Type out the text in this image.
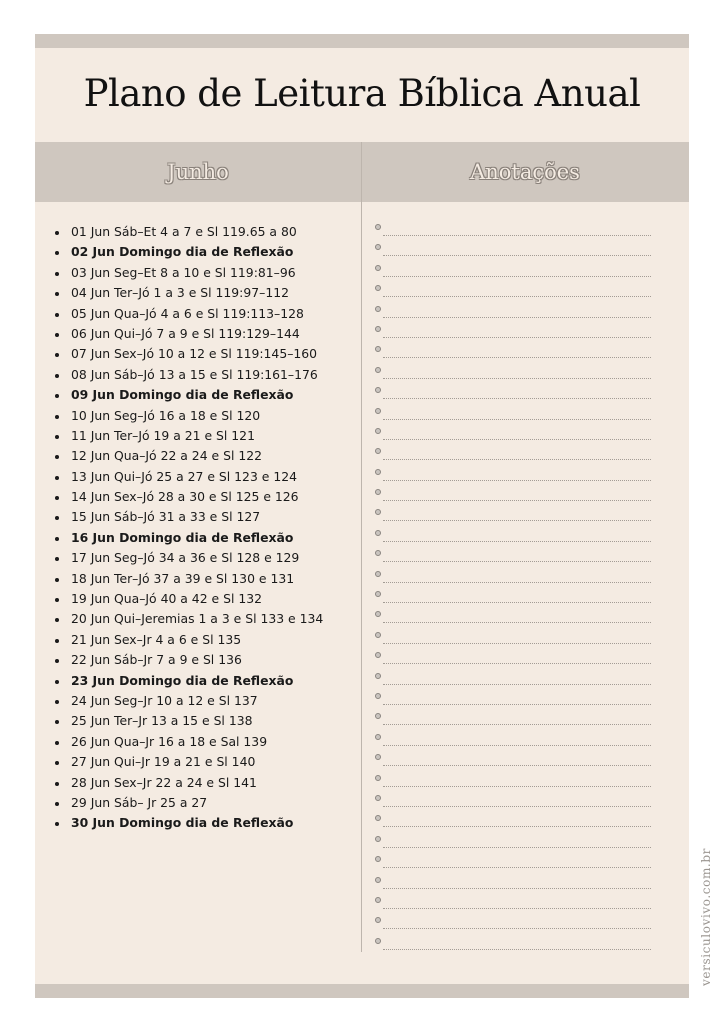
Plano de Leitura Bíblica Anual
Junho	Anotações
01 Jun Sáb–Et 4 a 7 e Sl 119.65 a 80
02 Jun Domingo dia de Reflexão
03 Jun Seg–Et 8 a 10 e Sl 119:81–96
04 Jun Ter–Jó 1 a 3 e Sl 119:97–112
05 Jun Qua–Jó 4 a 6 e Sl 119:113–128
06 Jun Qui–Jó 7 a 9 e Sl 119:129–144
07 Jun Sex–Jó 10 a 12 e Sl 119:145–160
08 Jun Sáb–Jó 13 a 15 e Sl 119:161–176
09 Jun Domingo dia de Reflexão
10 Jun Seg–Jó 16 a 18 e Sl 120
11 Jun Ter–Jó 19 a 21 e Sl 121
12 Jun Qua–Jó 22 a 24 e Sl 122
13 Jun Qui–Jó 25 a 27 e Sl 123 e 124
14 Jun Sex–Jó 28 a 30 e Sl 125 e 126
15 Jun Sáb–Jó 31 a 33 e Sl 127
16 Jun Domingo dia de Reflexão
17 Jun Seg–Jó 34 a 36 e Sl 128 e 129
18 Jun Ter–Jó 37 a 39 e Sl 130 e 131
19 Jun Qua–Jó 40 a 42 e Sl 132
20 Jun Qui–Jeremias 1 a 3 e Sl 133 e 134
21 Jun Sex–Jr 4 a 6 e Sl 135
22 Jun Sáb–Jr 7 a 9 e Sl 136
23 Jun Domingo dia de Reflexão
24 Jun Seg–Jr 10 a 12 e Sl 137
25 Jun Ter–Jr 13 a 15 e Sl 138
26 Jun Qua–Jr 16 a 18 e Sal 139
27 Jun Qui–Jr 19 a 21 e Sl 140
28 Jun Sex–Jr 22 a 24 e Sl 141
29 Jun Sáb– Jr 25 a 27
30 Jun Domingo dia de Reflexão
versiculovivo.com.br
